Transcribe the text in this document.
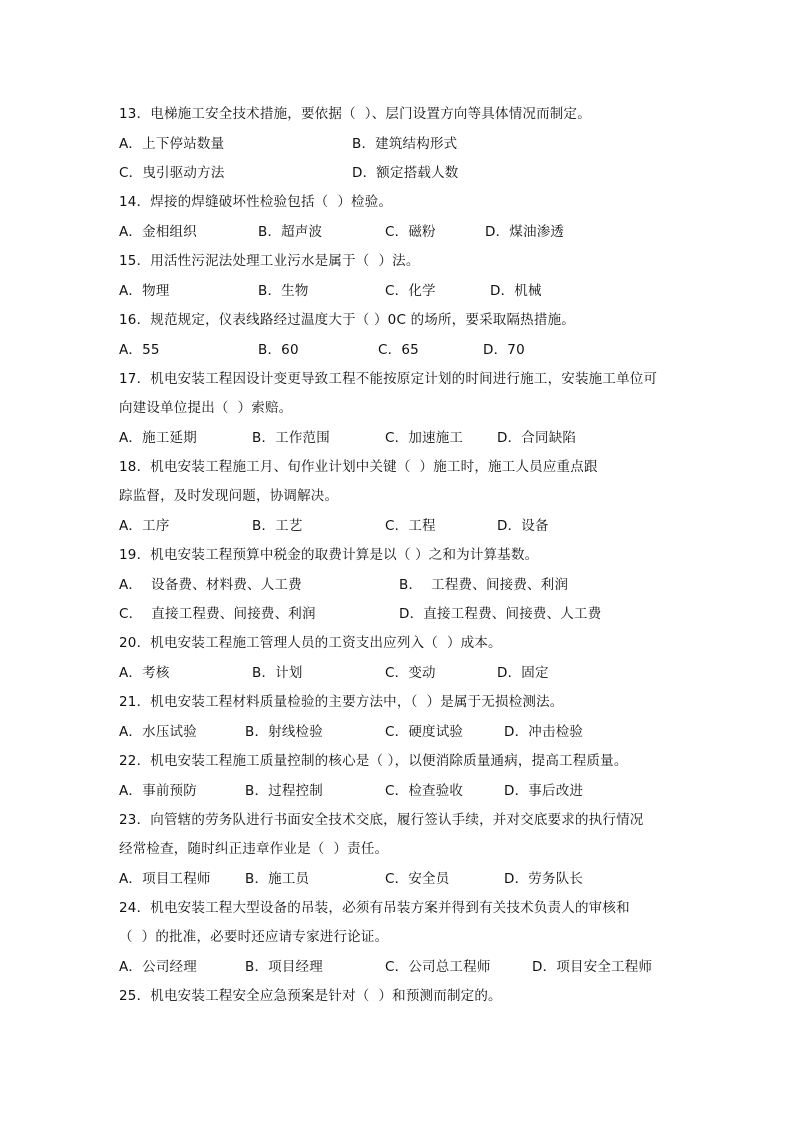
13．电梯施工安全技术措施，要依据（  ）、层门设置方向等具体情况而制定。
A．上下停站数量	B．建筑结构形式
C．曳引驱动方法	D．额定搭载人数
14．焊接的焊缝破坏性检验包括（  ）检验。
A．金相组织	B．超声波	C．磁粉	D．煤油渗透
15．用活性污泥法处理工业污水是属于（  ）法。
A．物理	B．生物	C．化学	D．机械
16．规范规定，仪表线路经过温度大于（ ）0C 的场所，要采取隔热措施。
A．55	B．60	C．65	D．70
17．机电安装工程因设计变更导致工程不能按原定计划的时间进行施工，安装施工单位可
向建设单位提出（  ）索赔。
A．施工延期	B．工作范围	C．加速施工	D．合同缺陷
18．机电安装工程施工月、旬作业计划中关键（  ）施工时，施工人员应重点跟
踪监督，及时发现问题，协调解决。
A．工序	B．工艺	C．工程	D．设备
19．机电安装工程预算中税金的取费计算是以（ ）之和为计算基数。
A．  设备费、材料费、人工费	B．  工程费、间接费、利润
C．  直接工程费、间接费、利润	D．直接工程费、间接费、人工费
20．机电安装工程施工管理人员的工资支出应列入（  ）成本。
A．考核	B．计划	C．变动	D．固定
21．机电安装工程材料质量检验的主要方法中，（  ）是属于无损检测法。
A．水压试验	B．射线检验	C．硬度试验	D．冲击检验
22．机电安装工程施工质量控制的核心是（ ），以便消除质量通病，提高工程质量。
A．事前预防	B．过程控制	C．检查验收	D．事后改进
23．向管辖的劳务队进行书面安全技术交底，履行签认手续，并对交底要求的执行情况
经常检查，随时纠正违章作业是（  ）责任。
A．项目工程师	B．施工员	C．安全员	D．劳务队长
24．机电安装工程大型设备的吊装，必须有吊装方案并得到有关技术负责人的审核和
（  ）的批准，必要时还应请专家进行论证。
A．公司经理	B．项目经理	C．公司总工程师	D．项目安全工程师
25．机电安装工程安全应急预案是针对（  ）和预测而制定的。
